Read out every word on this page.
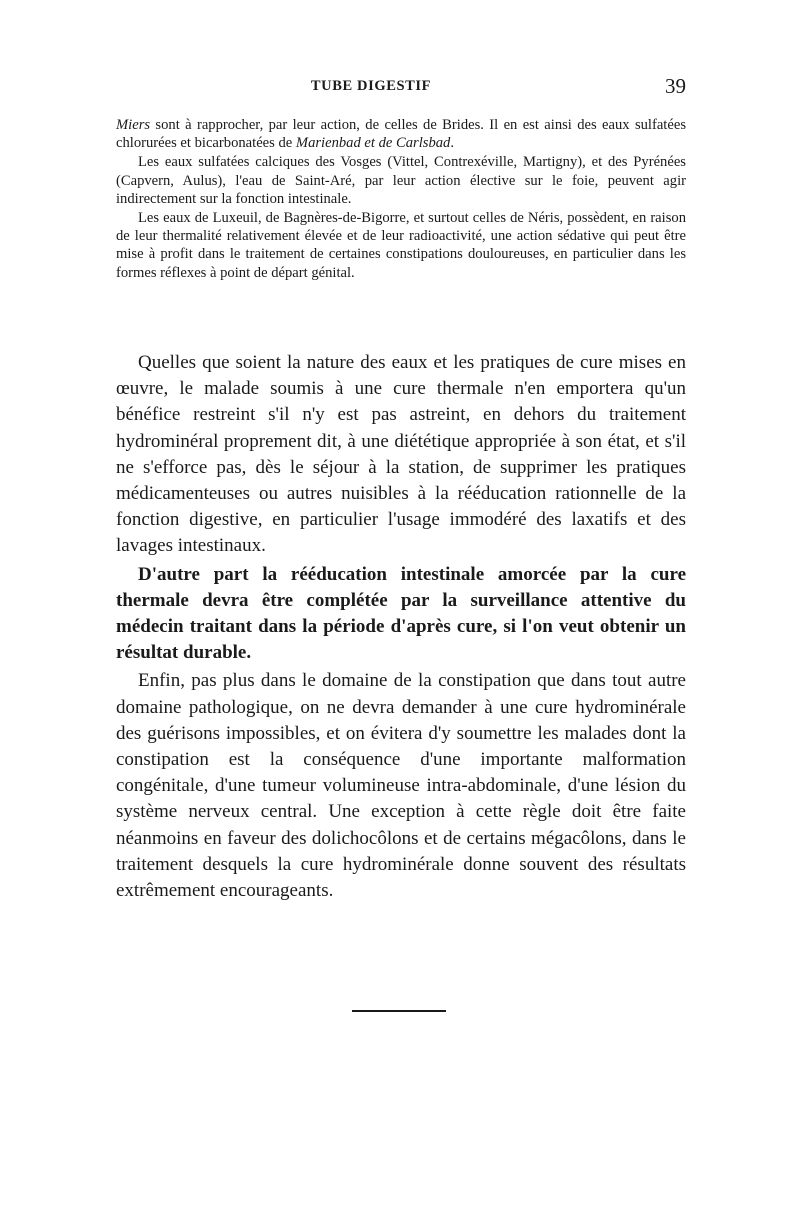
TUBE DIGESTIF	39

Miers sont à rapprocher, par leur action, de celles de Brides. Il en est ainsi des eaux sulfatées chlorurées et bicarbonatées de Marienbad et de Carlsbad.

Les eaux sulfatées calciques des Vosges (Vittel, Contrexéville, Martigny), et des Pyrénées (Capvern, Aulus), l'eau de Saint-Aré, par leur action élective sur le foie, peuvent agir indirectement sur la fonction intestinale.

Les eaux de Luxeuil, de Bagnères-de-Bigorre, et surtout celles de Néris, possèdent, en raison de leur thermalité relativement élevée et de leur radioactivité, une action sédative qui peut être mise à profit dans le traitement de certaines constipations douloureuses, en particulier dans les formes réflexes à point de départ génital.

Quelles que soient la nature des eaux et les pratiques de cure mises en œuvre, le malade soumis à une cure thermale n'en emportera qu'un bénéfice restreint s'il n'y est pas astreint, en dehors du traitement hydrominéral proprement dit, à une diététique appropriée à son état, et s'il ne s'efforce pas, dès le séjour à la station, de supprimer les pratiques médicamenteuses ou autres nuisibles à la rééducation rationnelle de la fonction digestive, en particulier l'usage immodéré des laxatifs et des lavages intestinaux.

D'autre part la rééducation intestinale amorcée par la cure thermale devra être complétée par la surveillance attentive du médecin traitant dans la période d'après cure, si l'on veut obtenir un résultat durable.

Enfin, pas plus dans le domaine de la constipation que dans tout autre domaine pathologique, on ne devra demander à une cure hydrominérale des guérisons impossibles, et on évitera d'y soumettre les malades dont la constipation est la conséquence d'une importante malformation congénitale, d'une tumeur volumineuse intra-abdominale, d'une lésion du système nerveux central. Une exception à cette règle doit être faite néanmoins en faveur des dolichocôlons et de certains mégacôlons, dans le traitement desquels la cure hydrominérale donne souvent des résultats extrêmement encourageants.
